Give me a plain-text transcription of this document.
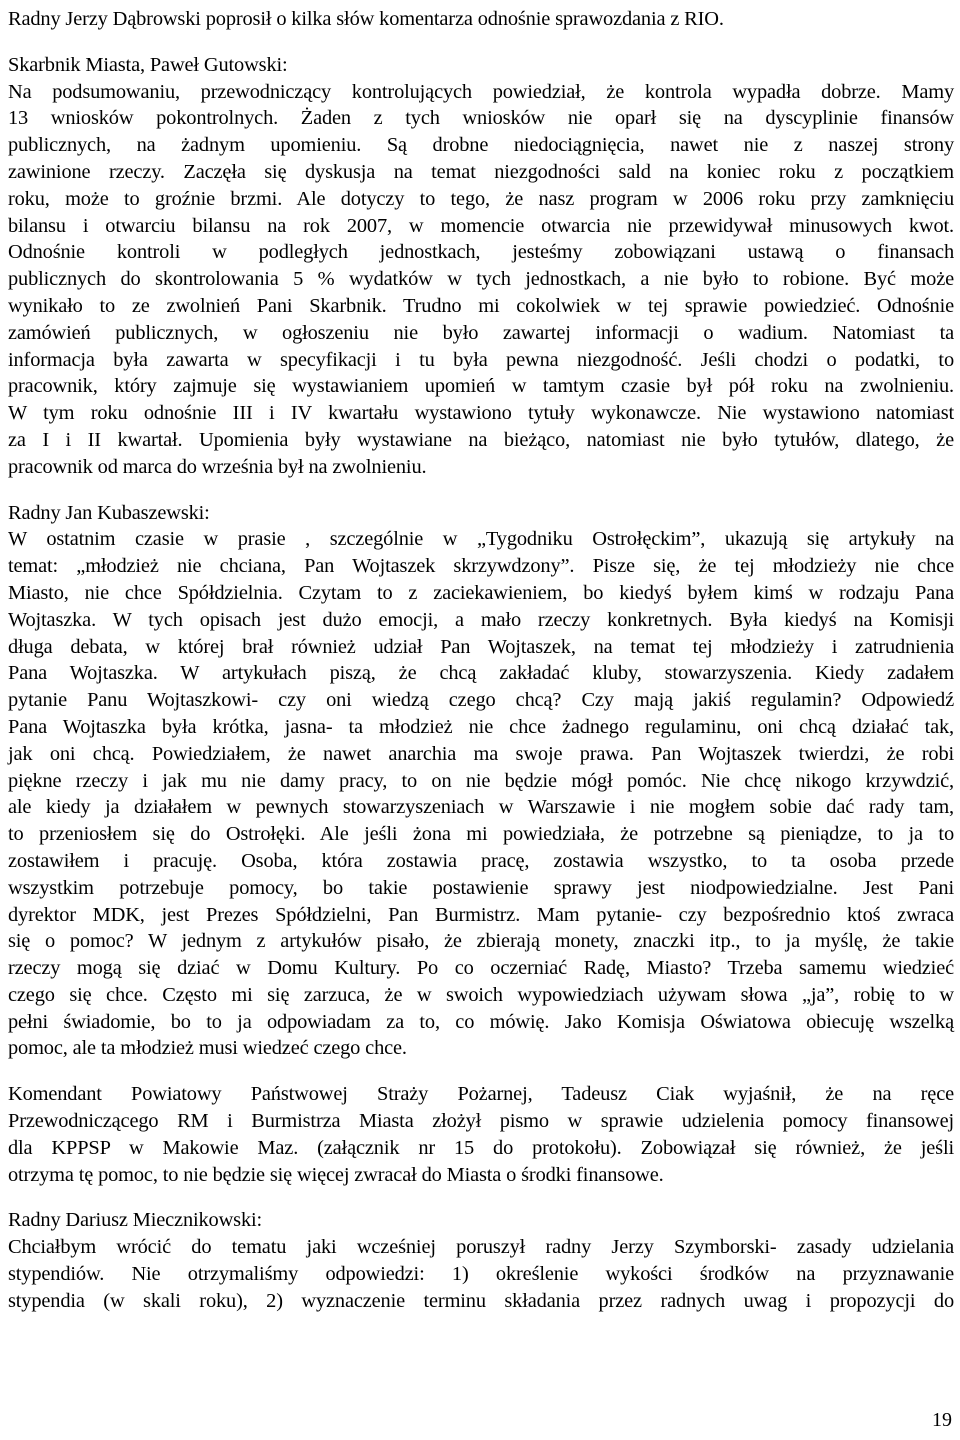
Radny Jerzy Dąbrowski poprosił o kilka słów komentarza odnośnie sprawozdania z RIO.
Skarbnik Miasta, Paweł Gutowski:
Na podsumowaniu, przewodniczący kontrolujących powiedział, że kontrola wypadła dobrze. Mamy
13 wniosków pokontrolnych. Żaden z tych wniosków nie oparł się na dyscyplinie finansów
publicznych, na żadnym upomieniu. Są drobne niedociągnięcia, nawet nie z naszej strony
zawinione rzeczy. Zaczęła się dyskusja na temat niezgodności sald na koniec roku z początkiem
roku, może to groźnie brzmi. Ale dotyczy to tego, że nasz program w 2006 roku przy zamknięciu
bilansu i otwarciu bilansu na rok 2007, w momencie otwarcia nie przewidywał minusowych kwot.
Odnośnie kontroli w podległych jednostkach, jesteśmy zobowiązani ustawą o finansach
publicznych do skontrolowania 5 % wydatków w tych jednostkach, a nie było to robione. Być może
wynikało to ze zwolnień Pani Skarbnik. Trudno mi cokolwiek w tej sprawie powiedzieć. Odnośnie
zamówień publicznych, w ogłoszeniu nie było zawartej informacji o wadium. Natomiast ta
informacja była zawarta w specyfikacji i tu była pewna niezgodność. Jeśli chodzi o podatki, to
pracownik, który zajmuje się wystawianiem upomień w tamtym czasie był pół roku na zwolnieniu.
W tym roku odnośnie III i IV kwartału wystawiono tytuły wykonawcze. Nie wystawiono natomiast
za I i II kwartał. Upomienia były wystawiane na bieżąco, natomiast nie było tytułów, dlatego, że
pracownik od marca do września był na zwolnieniu.
Radny Jan Kubaszewski:
W ostatnim czasie w prasie , szczególnie w „Tygodniku Ostrołęckim”, ukazują się artykuły na
temat: „młodzież nie chciana, Pan Wojtaszek skrzywdzony”. Pisze się, że tej młodzieży nie chce
Miasto, nie chce Spółdzielnia. Czytam to z zaciekawieniem, bo kiedyś byłem kimś w rodzaju Pana
Wojtaszka. W tych opisach jest dużo emocji, a mało rzeczy konkretnych. Była kiedyś na Komisji
długa debata, w której brał również udział Pan Wojtaszek, na temat tej młodzieży i zatrudnienia
Pana Wojtaszka. W artykułach piszą, że chcą zakładać kluby, stowarzyszenia. Kiedy zadałem
pytanie Panu Wojtaszkowi- czy oni wiedzą czego chcą? Czy mają jakiś regulamin? Odpowiedź
Pana Wojtaszka była krótka, jasna- ta młodzież nie chce żadnego regulaminu, oni chcą działać tak,
jak oni chcą. Powiedziałem, że nawet anarchia ma swoje prawa. Pan Wojtaszek twierdzi, że robi
piękne rzeczy i jak mu nie damy pracy, to on nie będzie mógł pomóc. Nie chcę nikogo krzywdzić,
ale kiedy ja działałem w pewnych stowarzyszeniach w Warszawie i nie mogłem sobie dać rady tam,
to przeniosłem się do Ostrołęki. Ale jeśli żona mi powiedziała, że potrzebne są pieniądze, to ja to
zostawiłem i pracuję. Osoba, która zostawia pracę, zostawia wszystko, to ta osoba przede
wszystkim potrzebuje pomocy, bo takie postawienie sprawy jest niodpowiedzialne. Jest Pani
dyrektor MDK, jest Prezes Spółdzielni, Pan Burmistrz. Mam pytanie- czy bezpośrednio ktoś zwraca
się o pomoc? W jednym z artykułów pisało, że zbierają monety, znaczki itp., to ja myślę, że takie
rzeczy mogą się dziać w Domu Kultury. Po co oczerniać Radę, Miasto? Trzeba samemu wiedzieć
czego się chce. Często mi się zarzuca, że w swoich wypowiedziach używam słowa „ja”, robię to w
pełni świadomie, bo to ja odpowiadam za to, co mówię. Jako Komisja Oświatowa obiecuję wszelką
pomoc, ale ta młodzież musi wiedzeć czego chce.
Komendant Powiatowy Państwowej Straży Pożarnej, Tadeusz Ciak wyjaśnił, że na ręce
Przewodniczącego RM i Burmistrza Miasta złożył pismo w sprawie udzielenia pomocy finansowej
dla KPPSP w Makowie Maz. (załącznik nr 15 do protokołu). Zobowiązał się również, że jeśli
otrzyma tę pomoc, to nie będzie się więcej zwracał do Miasta o środki finansowe.
Radny Dariusz Miecznikowski:
Chciałbym wrócić do tematu jaki wcześniej poruszył radny Jerzy Szymborski- zasady udzielania
stypendiów. Nie otrzymaliśmy odpowiedzi: 1) określenie wykości środków na przyznawanie
stypendia (w skali roku), 2) wyznaczenie terminu składania przez radnych uwag i propozycji do
19
